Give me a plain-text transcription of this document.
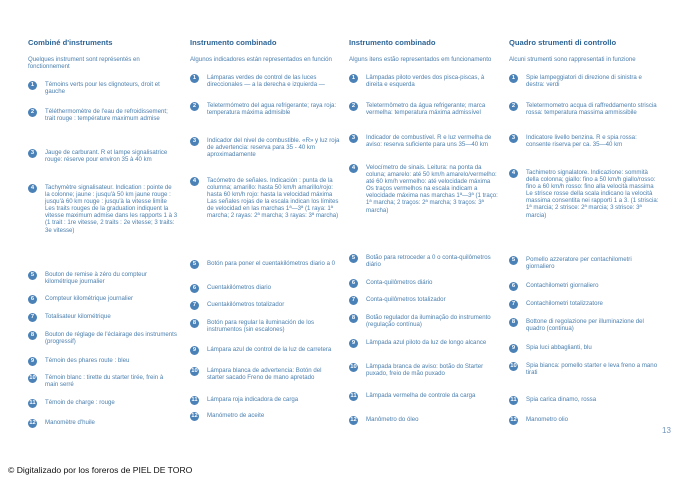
Combiné d'instruments
Quelques instrument sont représentés en fonctionnement
1	Témoins verts pour les clignoteurs, droit et gauche
2	Téléthermomètre de l'eau de refroidissement; trait rouge : température maximum admise
3	Jauge de carburant. R et lampe signalisatrice rouge: réserve pour environ 35 à 40 km
4	Tachymètre signalisateur. Indication : pointe de la colonne; jaune : jusqu'à 50 km jaune rouge : jusqu'à 60 km rouge : jusqu'à la vitesse limite Les traits rouges de la graduation indiquent la vitesse maximum admise dans les rapports 1 à 3 (1 trait : 1re vitesse, 2 traits : 2e vitesse; 3 traits: 3e vitesse)
5	Bouton de remise à zéro du compteur kilométrique journalier
6	Compteur kilométrique journalier
7	Totalisateur kilométrique
8	Bouton de réglage de l'éclairage des instruments (progressif)
9	Témoin des phares route : bleu
10 Témoin blanc : tirette du starter tirée, frein à main serré
11 Témoin de charge : rouge
12 Manomètre d'huile
Instrumento combinado
Algunos indicadores están representados en función
1	Lámparas verdes de control de las luces direccionales — a la derecha e izquierda —
2	Teletermómetro del agua refrigerante; raya roja: temperatura máxima admisible
3	Indicador del nivel de combustible. «R» y luz roja de advertencia: reserva para 35 - 40 km aproximadamente
4	Tacómetro de señales. Indicación : punta de la columna; amarillo: hasta 50 km/h amarillo/rojo: hasta 60 km/h rojo: hasta la velocidad máxima Las señales rojas de la escala indican los límites de velocidad en las marchas 1ª—3ª (1 raya: 1ª marcha; 2 rayas: 2ª marcha; 3 rayas: 3ª marcha)
5	Botón para poner el cuentakilómetros diario a 0
6	Cuentakilómetros diario
7	Cuentakilómetros totalizador
8	Botón para regular la iluminación de los instrumentos (sin escalones)
9	Lámpara azul de control de la luz de carretera
10 Lámpara blanca de advertencia: Botón del starter sacado Freno de mano apretado
11 Lámpara roja indicadora de carga
12 Manómetro de aceite
Instrumento combinado
Alguns itens estão representados em funcionamento
1	Lâmpadas piloto verdes dos pisca-piscas, à direita e esquerda
2	Teletermômetro da água refrigerante; marca vermelha: temperatura máxima admissível
3	Indicador de combustível. R e luz vermelha de aviso: reserva suficiente para uns 35—40 km
4	Velocímetro de sinais. Leitura: na ponta da coluna; amarelo: até 50 km/h amarelo/vermelho: até 60 km/h vermelho: até velocidade máxima Os traços vermelhos na escala indicam a velocidade máxima nas marchas 1ª—3ª (1 traço: 1ª marcha; 2 traços: 2ª marcha; 3 traços: 3ª marcha)
5	Botão para retroceder a 0 o conta-quilômetros diário
6	Conta-quilômetros diário
7	Conta-quilômetros totalizador
8	Botão regulador da iluminação do instrumento (regulação contínua)
9	Lâmpada azul piloto da luz de longo alcance
10 Lâmpada branca de aviso: botão do Starter puxado, freio de mão puxado
11 Lâmpada vermelha de controle da carga
12 Manômetro do óleo
Quadro strumenti di controllo
Alcuni strumenti sono rappresentati in funzione
1	Spie lampeggiatori di direzione di sinistra e destra: verdi
2	Teletermometro acqua di raffreddamento striscia rossa: temperatura massima ammissibile
3	Indicatore livello benzina. R e spia rossa: consente riserva per ca. 35—40 km
4	Tachimetro signalatore. Indicazione: sommità della colonna; giallo: fino a 50 km/h giallo/rosso: fino a 60 km/h rosso: fino alla velocità massima Le strisce rosse della scala indicano la velocità massima consentita nei rapporti 1 a 3. (1 striscia: 1ª marcia; 2 strisce: 2ª marcia; 3 strisce: 3ª marcia)
5	Pomello azzeratore per contachilometri giornaliero
6	Contachilometri giornaliero
7	Contachilometri totalizzatore
8	Bottone di regolazione per illuminazione del quadro (continua)
9	Spia luci abbaglianti, blu
10 Spia bianca: pomello starter e leva freno a mano tirati
11 Spia carica dinamo, rossa
12 Manometro olio
13
© Digitalizado por los foreros de PIEL DE TORO
